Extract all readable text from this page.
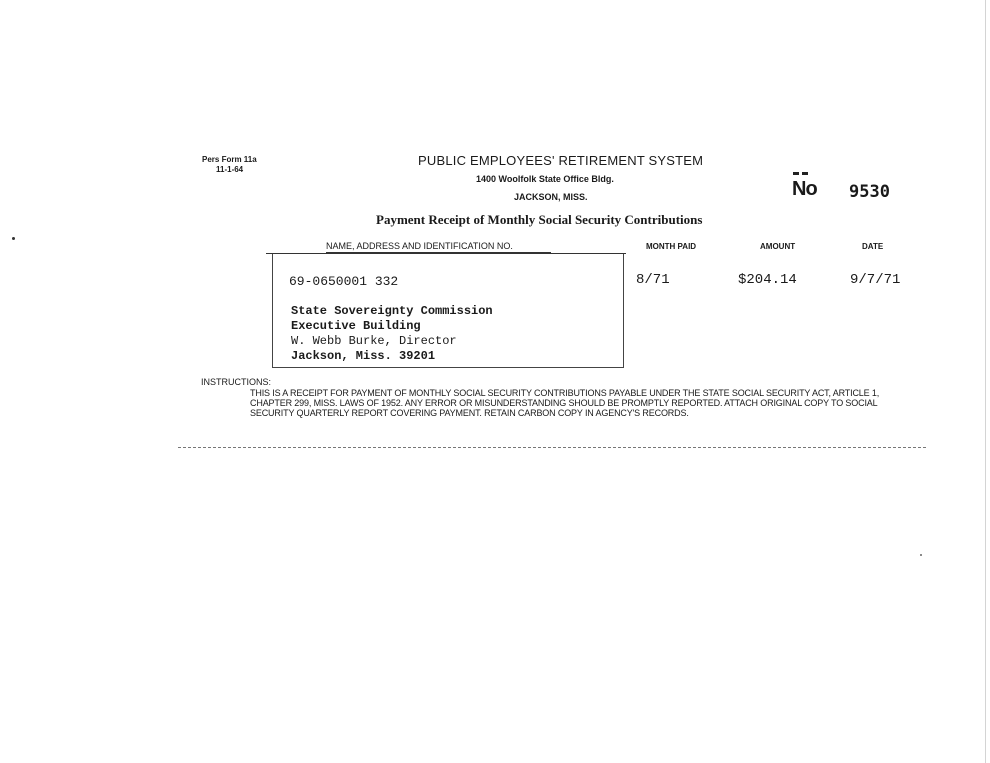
Pers Form 11a
11-1-64
PUBLIC EMPLOYEES' RETIREMENT SYSTEM
1400 Woolfolk State Office Bldg.
JACKSON, MISS.	No 9530
Payment Receipt of Monthly Social Security Contributions
NAME, ADDRESS AND IDENTIFICATION NO.	MONTH PAID	AMOUNT	DATE
69-0650001 332
State Sovereignty Commission
Executive Building
W. Webb Burke, Director
Jackson, Miss. 39201
8/71	$204.14	9/7/71
INSTRUCTIONS:
THIS IS A RECEIPT FOR PAYMENT OF MONTHLY SOCIAL SECURITY CONTRIBUTIONS PAYABLE UNDER THE STATE SOCIAL SECURITY ACT, ARTICLE 1, CHAPTER 299, MISS. LAWS OF 1952. ANY ERROR OR MISUNDERSTANDING SHOULD BE PROMPTLY REPORTED. ATTACH ORIGINAL COPY TO SOCIAL SECURITY QUARTERLY REPORT COVERING PAYMENT. RETAIN CARBON COPY IN AGENCY'S RECORDS.
